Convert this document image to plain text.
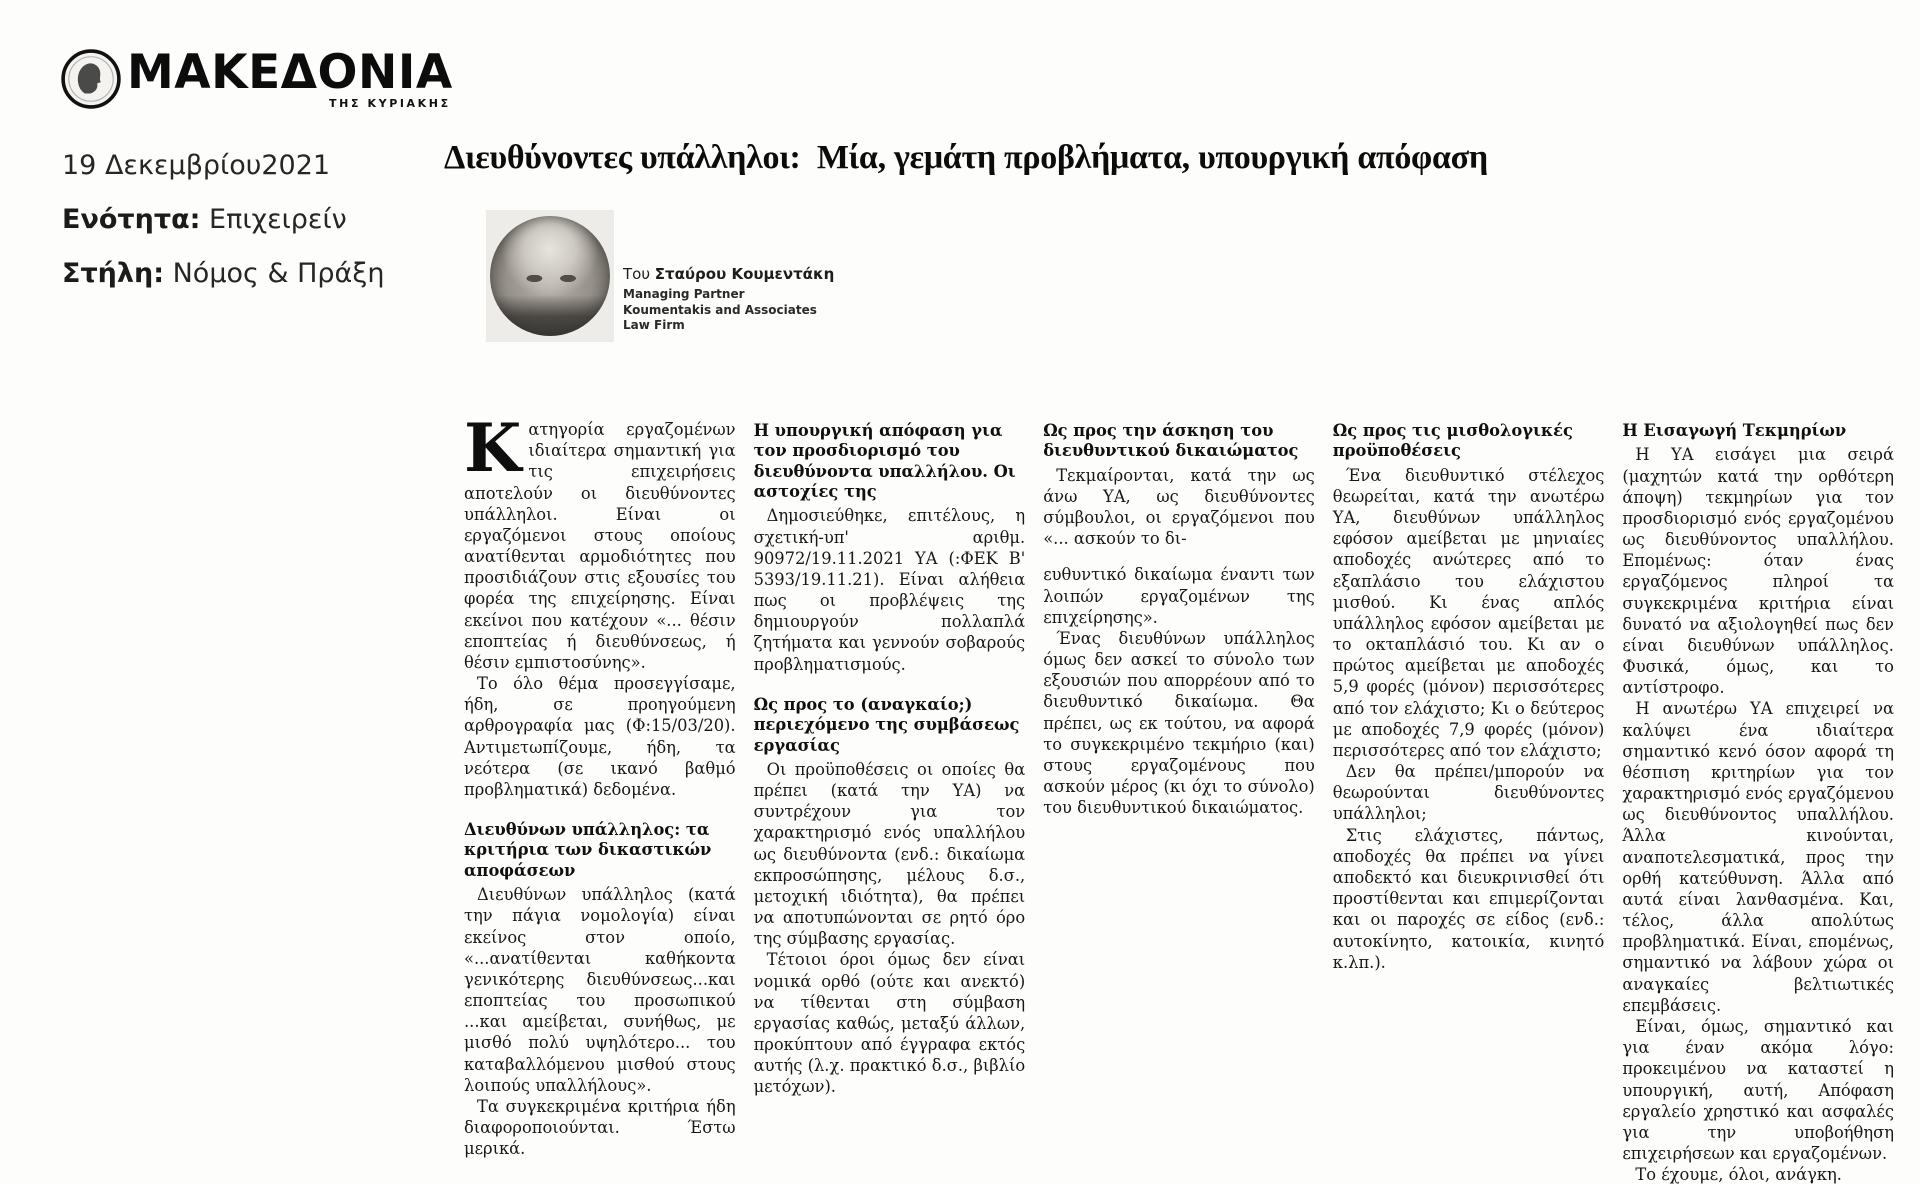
ΜΑΚΕΔΟΝΙΑ
ΤΗΣ ΚΥΡΙΑΚΗΣ
19 Δεκεμβρίου2021
Ενότητα: Επιχειρείν
Στήλη: Νόμος & Πράξη
Διευθύνοντες υπάλληλοι:  Μία, γεμάτη προβλήματα, υπουργική απόφαση
Του Σταύρου Κουμεντάκη
Managing Partner
Koumentakis and Associates
Law Firm

Κατηγορία εργαζομένων ιδιαίτερα σημαντική για τις επιχειρήσεις αποτελούν οι διευθύνοντες υπάλληλοι. Είναι οι εργαζόμενοι στους οποίους ανατίθενται αρμοδιότητες που προσιδιάζουν στις εξουσίες του φορέα της επιχείρησης. Είναι εκείνοι που κατέχουν «... θέσιν εποπτείας ή διευθύνσεως, ή θέσιν εμπιστοσύνης».

Το όλο θέμα προσεγγίσαμε, ήδη, σε προηγούμενη αρθρογραφία μας (Φ:15/03/20). Αντιμετωπίζουμε, ήδη, τα νεότερα (σε ικανό βαθμό προβληματικά) δεδομένα.

Διευθύνων υπάλληλος: τα κριτήρια των δικαστικών αποφάσεων

Διευθύνων υπάλληλος (κατά την πάγια νομολογία) είναι εκείνος στον οποίο, «...ανατίθενται καθήκοντα γενικότερης διευθύνσεως...και εποπτείας του προσωπικού ...και αμείβεται, συνήθως, με μισθό πολύ υψηλότερο... του καταβαλλόμενου μισθού στους λοιπούς υπαλλήλους».

Τα συγκεκριμένα κριτήρια ήδη διαφοροποιούνται. Έστω μερικά.

Η υπουργική απόφαση για τον προσδιορισμό του διευθύνοντα υπαλλήλου. Οι αστοχίες της

Δημοσιεύθηκε, επιτέλους, η σχετική-υπ' αριθμ. 90972/19.11.2021 ΥΑ (:ΦΕΚ Β' 5393/19.11.21). Είναι αλήθεια πως οι προβλέψεις της δημιουργούν πολλαπλά ζητήματα και γεννούν σοβαρούς προβληματισμούς.

Ως προς το (αναγκαίο;) περιεχόμενο της συμβάσεως εργασίας

Οι προϋποθέσεις οι οποίες θα πρέπει (κατά την ΥΑ) να συντρέχουν για τον χαρακτηρισμό ενός υπαλλήλου ως διευθύνοντα (ενδ.: δικαίωμα εκπροσώπησης, μέλους δ.σ., μετοχική ιδιότητα), θα πρέπει να αποτυπώνονται σε ρητό όρο της σύμβασης εργασίας.

Τέτοιοι όροι όμως δεν είναι νομικά ορθό (ούτε και ανεκτό) να τίθενται στη σύμβαση εργασίας καθώς, μεταξύ άλλων, προκύπτουν από έγγραφα εκτός αυτής (λ.χ. πρακτικό δ.σ., βιβλίο μετόχων).

Ως προς την άσκηση του διευθυντικού δικαιώματος

Τεκμαίρονται, κατά την ως άνω ΥΑ, ως διευθύνοντες σύμβουλοι, οι εργαζόμενοι που «... ασκούν το δι-

ευθυντικό δικαίωμα έναντι των λοιπών εργαζομένων της επιχείρησης».

Ένας διευθύνων υπάλληλος όμως δεν ασκεί το σύνολο των εξουσιών που απορρέουν από το διευθυντικό δικαίωμα. Θα πρέπει, ως εκ τούτου, να αφορά το συγκεκριμένο τεκμήριο (και) στους εργαζομένους που ασκούν μέρος (κι όχι το σύνολο) του διευθυντικού δικαιώματος.

Ως προς τις μισθολογικές προϋποθέσεις

Ένα διευθυντικό στέλεχος θεωρείται, κατά την ανωτέρω ΥΑ, διευθύνων υπάλληλος εφόσον αμείβεται με μηνιαίες αποδοχές ανώτερες από το εξαπλάσιο του ελάχιστου μισθού. Κι ένας απλός υπάλληλος εφόσον αμείβεται με το οκταπλάσιό του. Κι αν ο πρώτος αμείβεται με αποδοχές 5,9 φορές (μόνον) περισσότερες από τον ελάχιστο; Κι ο δεύτερος με αποδοχές 7,9 φορές (μόνον) περισσότερες από τον ελάχιστο;

Δεν θα πρέπει/μπορούν να θεωρούνται διευθύνοντες υπάλληλοι;

Στις ελάχιστες, πάντως, αποδοχές θα πρέπει να γίνει αποδεκτό και διευκρινισθεί ότι προστίθενται και επιμερίζονται και οι παροχές σε είδος (ενδ.: αυτοκίνητο, κατοικία, κινητό κ.λπ.).

Η Εισαγωγή Τεκμηρίων

Η ΥΑ εισάγει μια σειρά (μαχητών κατά την ορθότερη άποψη) τεκμηρίων για τον προσδιορισμό ενός εργαζομένου ως διευθύνοντος υπαλλήλου. Επομένως: όταν ένας εργαζόμενος πληροί τα συγκεκριμένα κριτήρια είναι δυνατό να αξιολογηθεί πως δεν είναι διευθύνων υπάλληλος. Φυσικά, όμως, και το αντίστροφο.

Η ανωτέρω ΥΑ επιχειρεί να καλύψει ένα ιδιαίτερα σημαντικό κενό όσον αφορά τη θέσπιση κριτηρίων για τον χαρακτηρισμό ενός εργαζόμενου ως διευθύνοντος υπαλλήλου. Άλλα κινούνται, αναποτελεσματικά, προς την ορθή κατεύθυνση. Άλλα από αυτά είναι λανθασμένα. Και, τέλος, άλλα απολύτως προβληματικά. Είναι, επομένως, σημαντικό να λάβουν χώρα οι αναγκαίες βελτιωτικές επεμβάσεις.

Είναι, όμως, σημαντικό και για έναν ακόμα λόγο: προκειμένου να καταστεί η υπουργική, αυτή, Απόφαση εργαλείο χρηστικό και ασφαλές για την υποβοήθηση επιχειρήσεων και εργαζομένων.

Το έχουμε, όλοι, ανάγκη.
